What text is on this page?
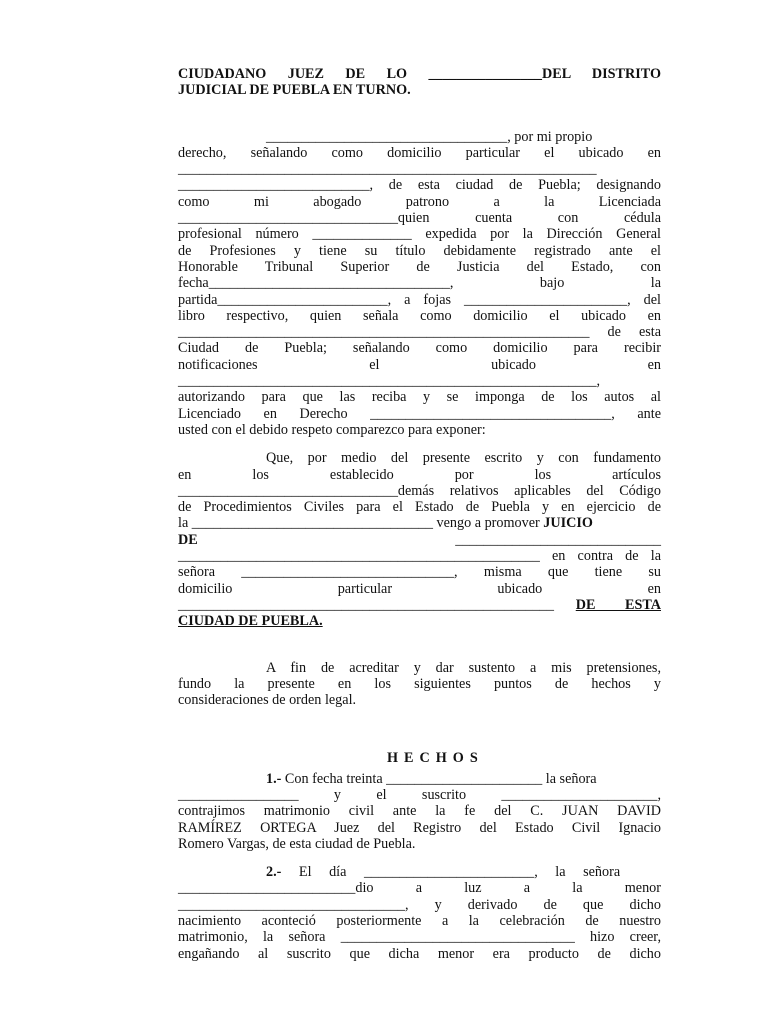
CIUDADANO JUEZ DE LO ________________DEL DISTRITO
JUDICIAL DE PUEBLA EN TURNO.
__________________________________, por mi propio
derecho, señalando como domicilio particular el ubicado en
___________________________________________________________
___________________________, de esta ciudad de Puebla; designando
como mi abogado patrono a la Licenciada
_______________________________quien cuenta con cédula
profesional número ______________ expedida por la Dirección General
de Profesiones y tiene su título debidamente registrado ante el
Honorable Tribunal Superior de Justicia del Estado, con
fecha__________________________________, bajo la
partida________________________, a fojas _______________________, del
libro respectivo, quien señala como domicilio el ubicado en
__________________________________________________________ de esta
Ciudad de Puebla; señalando como domicilio para recibir
notificaciones el ubicado en
___________________________________________________________,
autorizando para que las reciba y se imponga de los autos al
Licenciado en Derecho __________________________________, ante
usted con el debido respeto comparezco para exponer:
Que, por medio del presente escrito y con fundamento
en los establecido por los artículos
_______________________________demás relativos aplicables del Código
de Procedimientos Civiles para el Estado de Puebla y en ejercicio de
la __________________________________ vengo a promover JUICIO
DE	_____________________________
___________________________________________________ en contra de la
señora ______________________________, misma que tiene su
domicilio particular ubicado en
_____________________________________________________ DE ESTA
CIUDAD DE PUEBLA.
A fin de acreditar y dar sustento a mis pretensiones,
fundo la presente en los siguientes puntos de hechos y
consideraciones de orden legal.
HECHOS
1.- Con fecha treinta ______________________ la señora
_________________ y el suscrito ______________________,
contrajimos matrimonio civil ante la fe del C. JUAN DAVID
RAMÍREZ ORTEGA Juez del Registro del Estado Civil Ignacio
Romero Vargas, de esta ciudad de Puebla.
2.- El día ________________________, la señora
_________________________dio a luz a la menor
________________________________, y derivado de que dicho
nacimiento aconteció posteriormente a la celebración de nuestro
matrimonio, la señora _________________________________ hizo creer,
engañando al suscrito que dicha menor era producto de dicho
